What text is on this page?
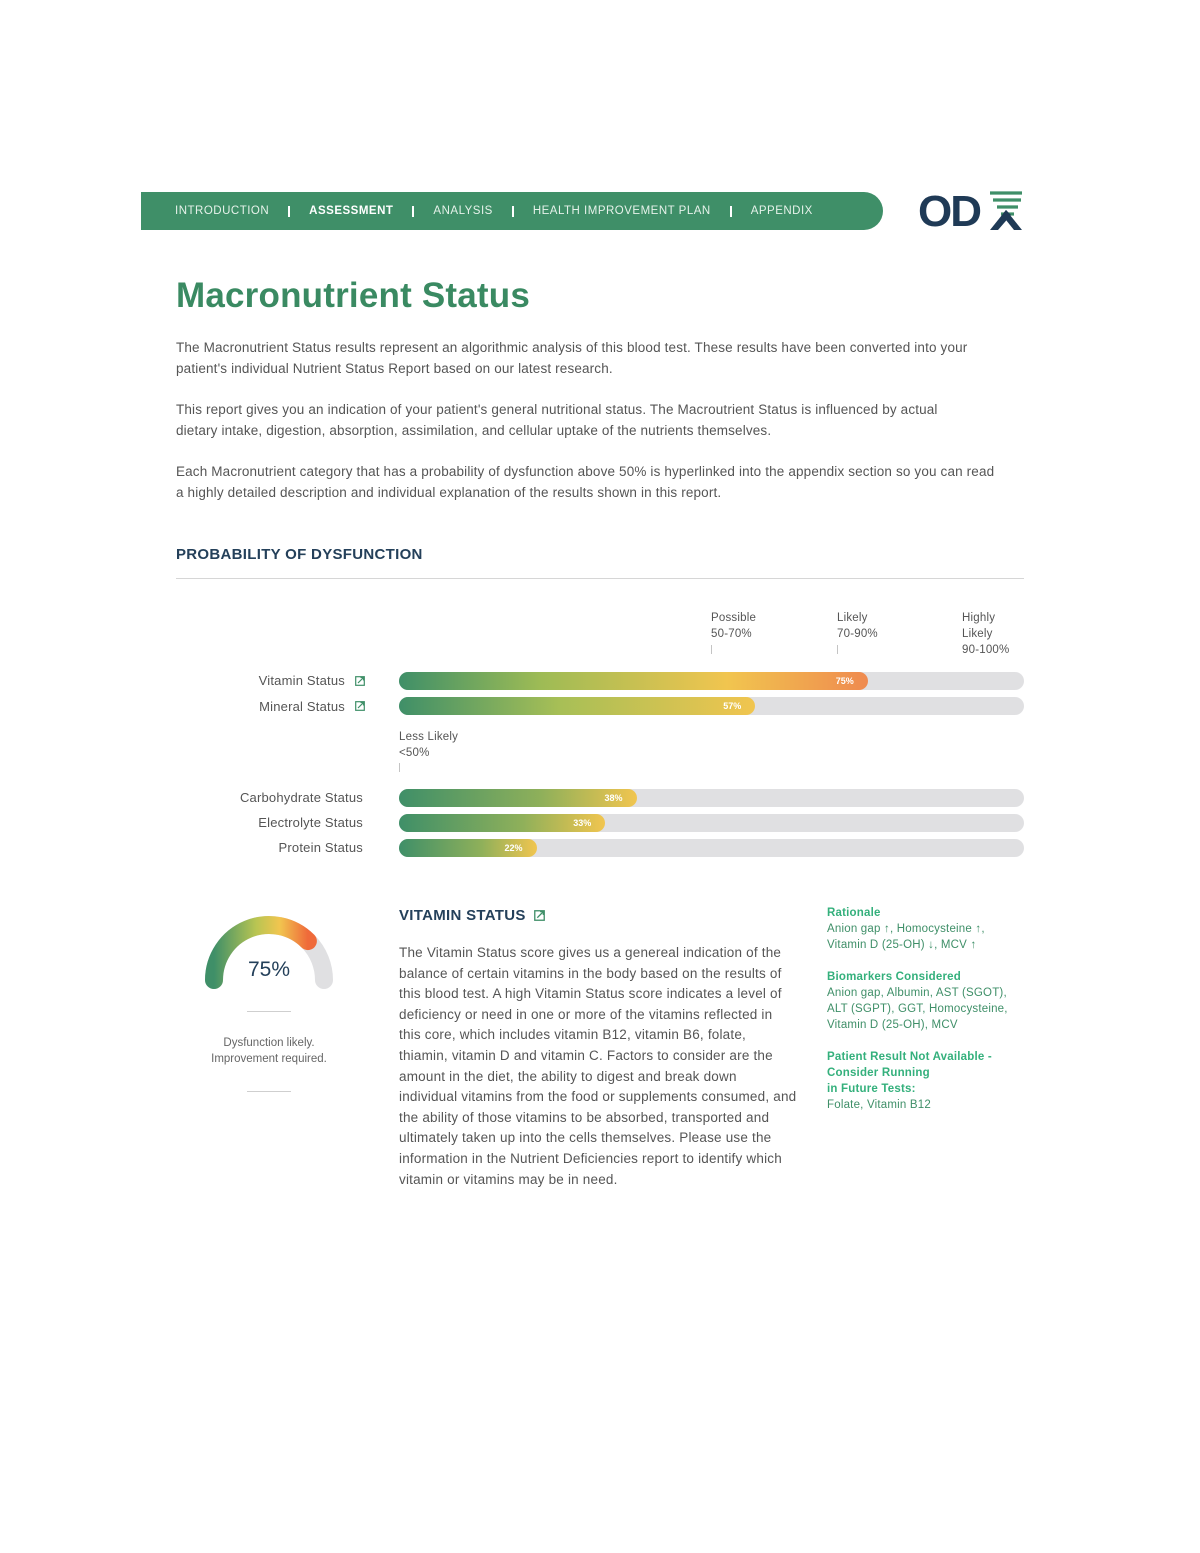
INTRODUCTION	ASSESSMENT	ANALYSIS	HEALTH IMPROVEMENT PLAN	APPENDIX OD
Macronutrient Status

The Macronutrient Status results represent an algorithmic analysis of this blood test. These results have been converted into your patient's individual Nutrient Status Report based on our latest research.

This report gives you an indication of your patient's general nutritional status. The Macroutrient Status is influenced by actual dietary intake, digestion, absorption, assimilation, and cellular uptake of the nutrients themselves.

Each Macronutrient category that has a probability of dysfunction above 50% is hyperlinked into the appendix section so you can read a highly detailed description and individual explanation of the results shown in this report.

PROBABILITY OF DYSFUNCTION
Possible
50-70%
Likely
70-90%
Highly
Likely
90-100%
Less Likely
<50%
Vitamin Status	75%
Mineral Status	57%
Carbohydrate Status	38%
Electrolyte Status	33%
Protein Status	22%
75%
Dysfunction likely.
Improvement required.
VITAMIN STATUS

The Vitamin Status score gives us a genereal indication of the balance of certain vitamins in the body based on the results of this blood test. A high Vitamin Status score indicates a level of deficiency or need in one or more of the vitamins reflected in this core, which includes vitamin B12, vitamin B6, folate, thiamin, vitamin D and vitamin C. Factors to consider are the amount in the diet, the ability to digest and break down individual vitamins from the food or supplements consumed, and the ability of those vitamins to be absorbed, transported and ultimately taken up into the cells themselves. Please use the information in the Nutrient Deficiencies report to identify which vitamin or vitamins may be in need.

Rationale

Anion gap ↑, Homocysteine ↑,

Vitamin D (25-OH) ↓, MCV ↑

Biomarkers Considered

Anion gap, Albumin, AST (SGOT),

ALT (SGPT), GGT, Homocysteine,

Vitamin D (25-OH), MCV

Patient Result Not Available -

Consider Running

in Future Tests:

Folate, Vitamin B12
